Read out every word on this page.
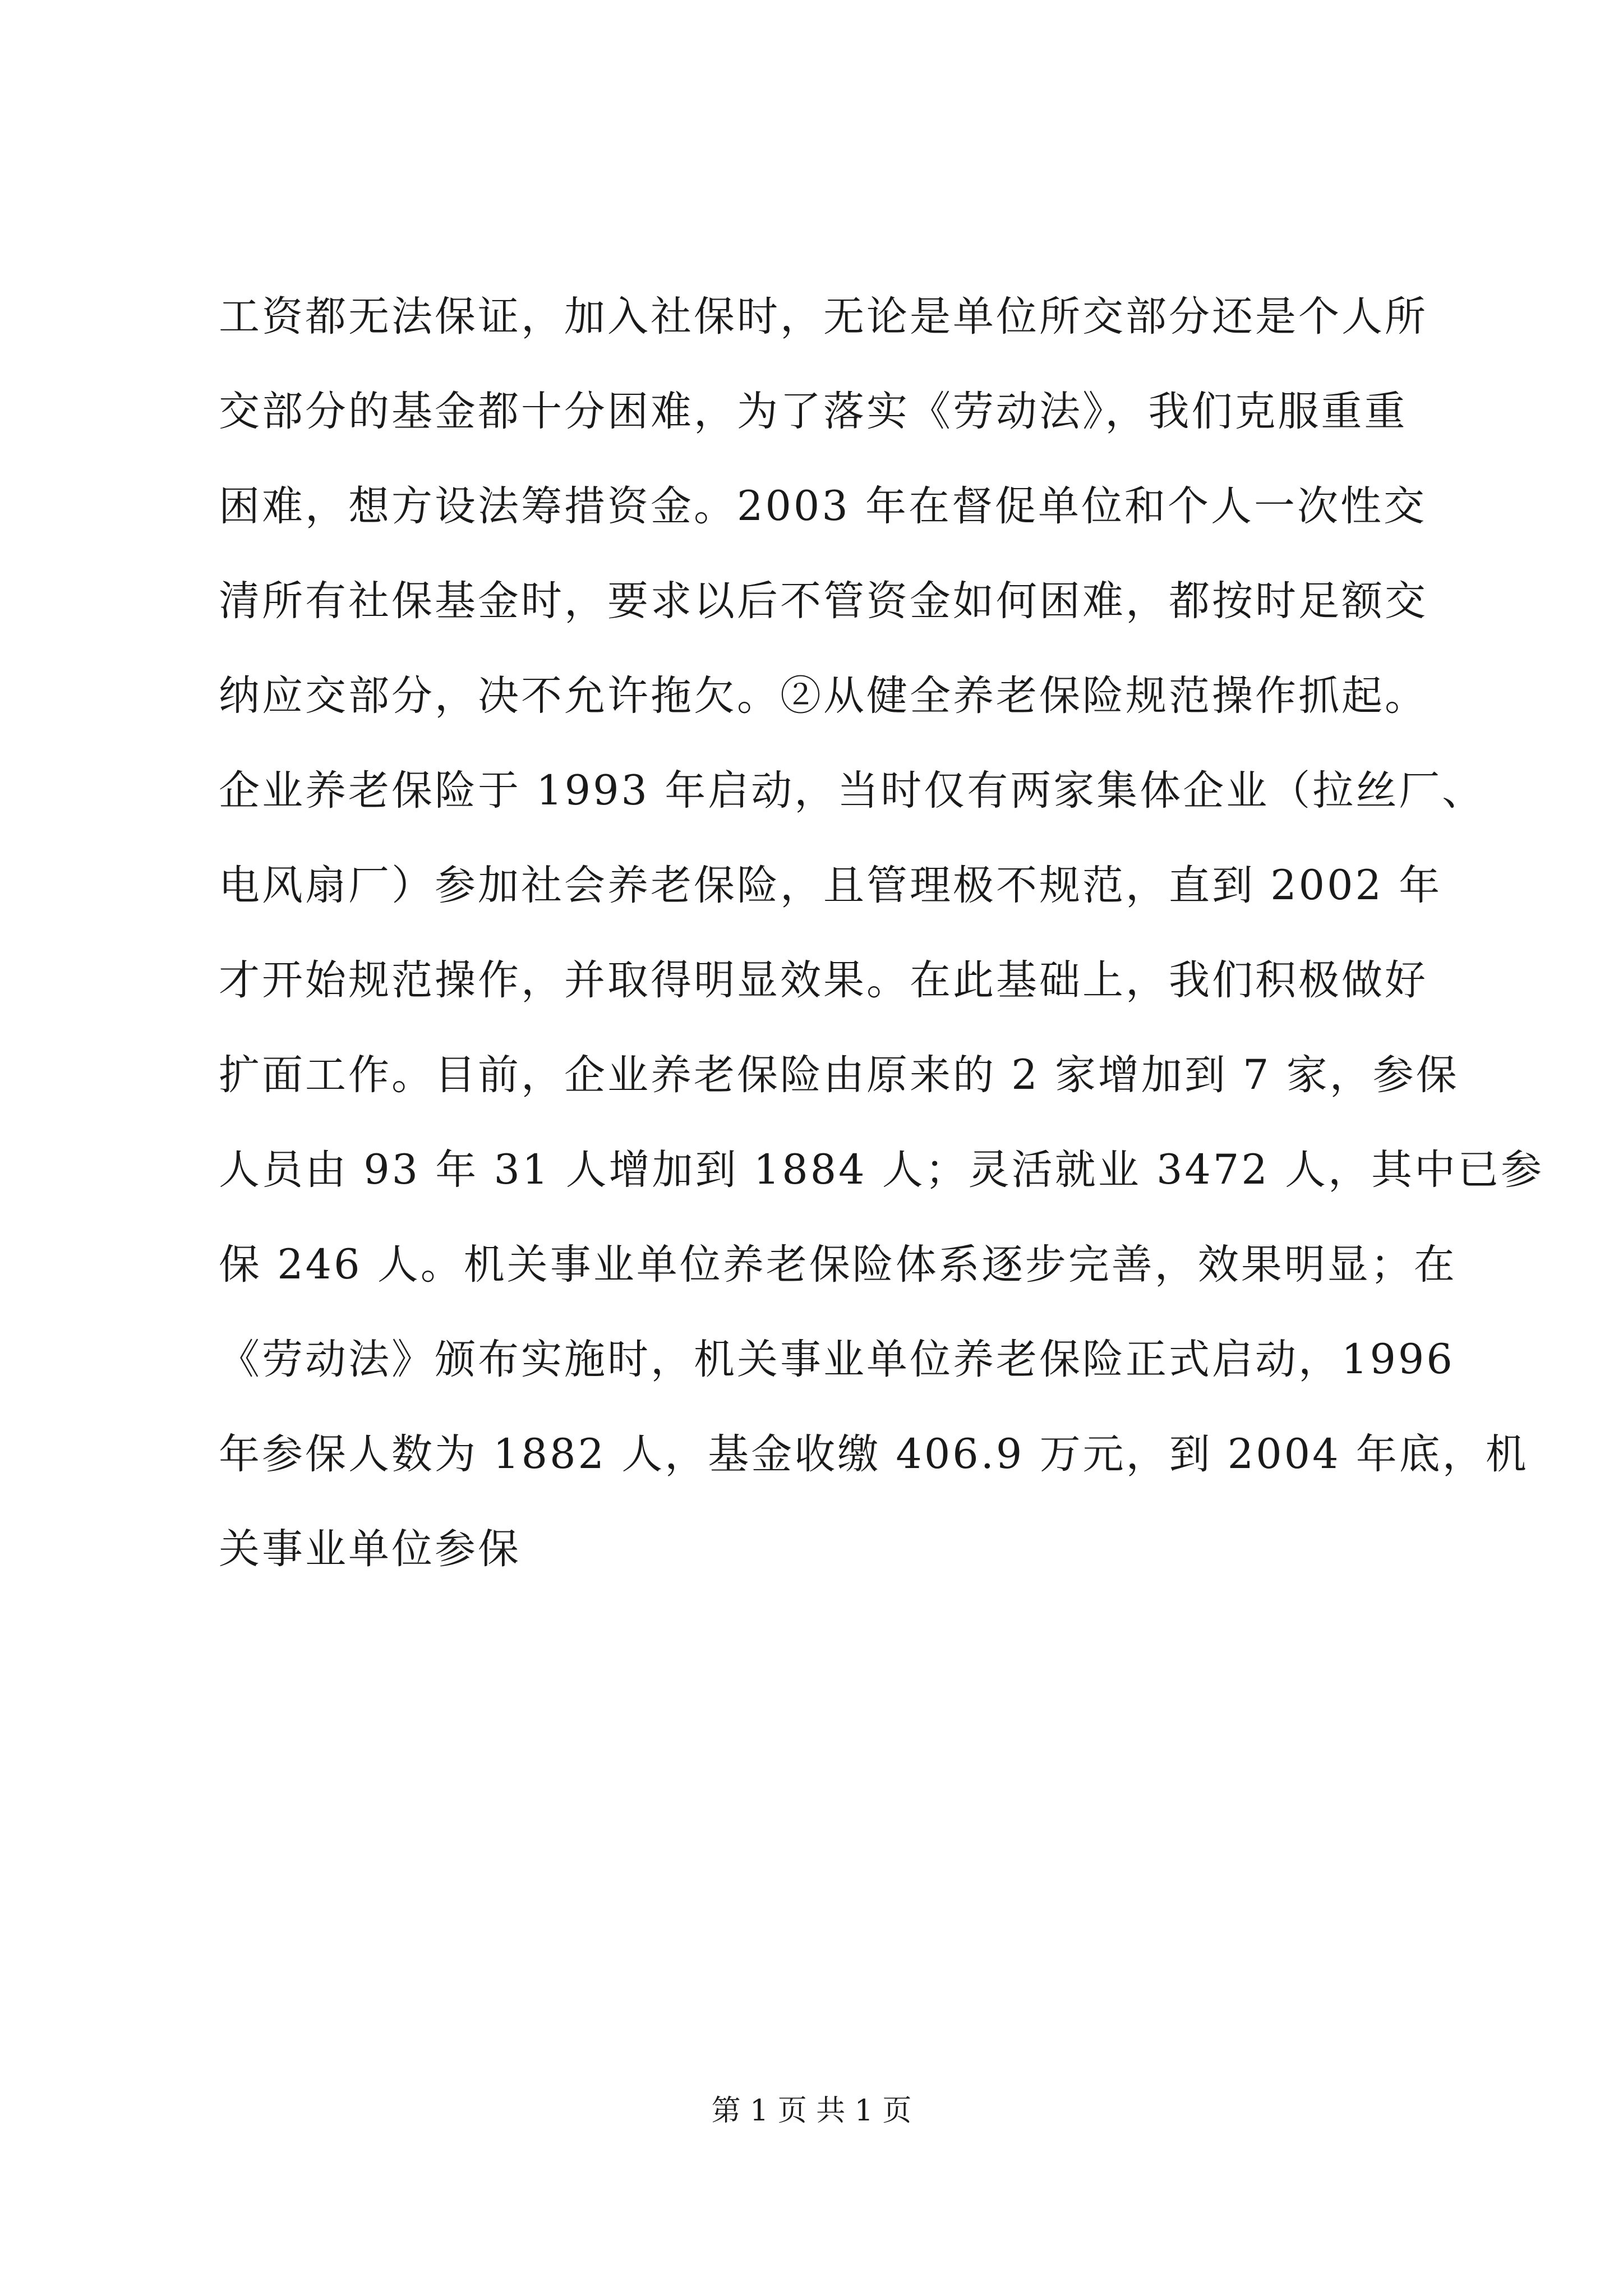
工资都无法保证，加入社保时，无论是单位所交部分还是个人所
交部分的基金都十分困难，为了落实《劳动法》，我们克服重重
困难，想方设法筹措资金。2003 年在督促单位和个人一次性交
清所有社保基金时，要求以后不管资金如何困难，都按时足额交
纳应交部分，决不允许拖欠。②从健全养老保险规范操作抓起。
企业养老保险于 1993 年启动，当时仅有两家集体企业（拉丝厂、
电风扇厂）参加社会养老保险，且管理极不规范，直到 2002 年
才开始规范操作，并取得明显效果。在此基础上，我们积极做好
扩面工作。目前，企业养老保险由原来的 2 家增加到 7 家，参保
人员由 93 年 31 人增加到 1884 人；灵活就业 3472 人，其中已参
保 246 人。机关事业单位养老保险体系逐步完善，效果明显；在
《劳动法》颁布实施时，机关事业单位养老保险正式启动，1996
年参保人数为 1882 人，基金收缴 406.9 万元，到 2004 年底，机
关事业单位参保
第 1 页 共 1 页
